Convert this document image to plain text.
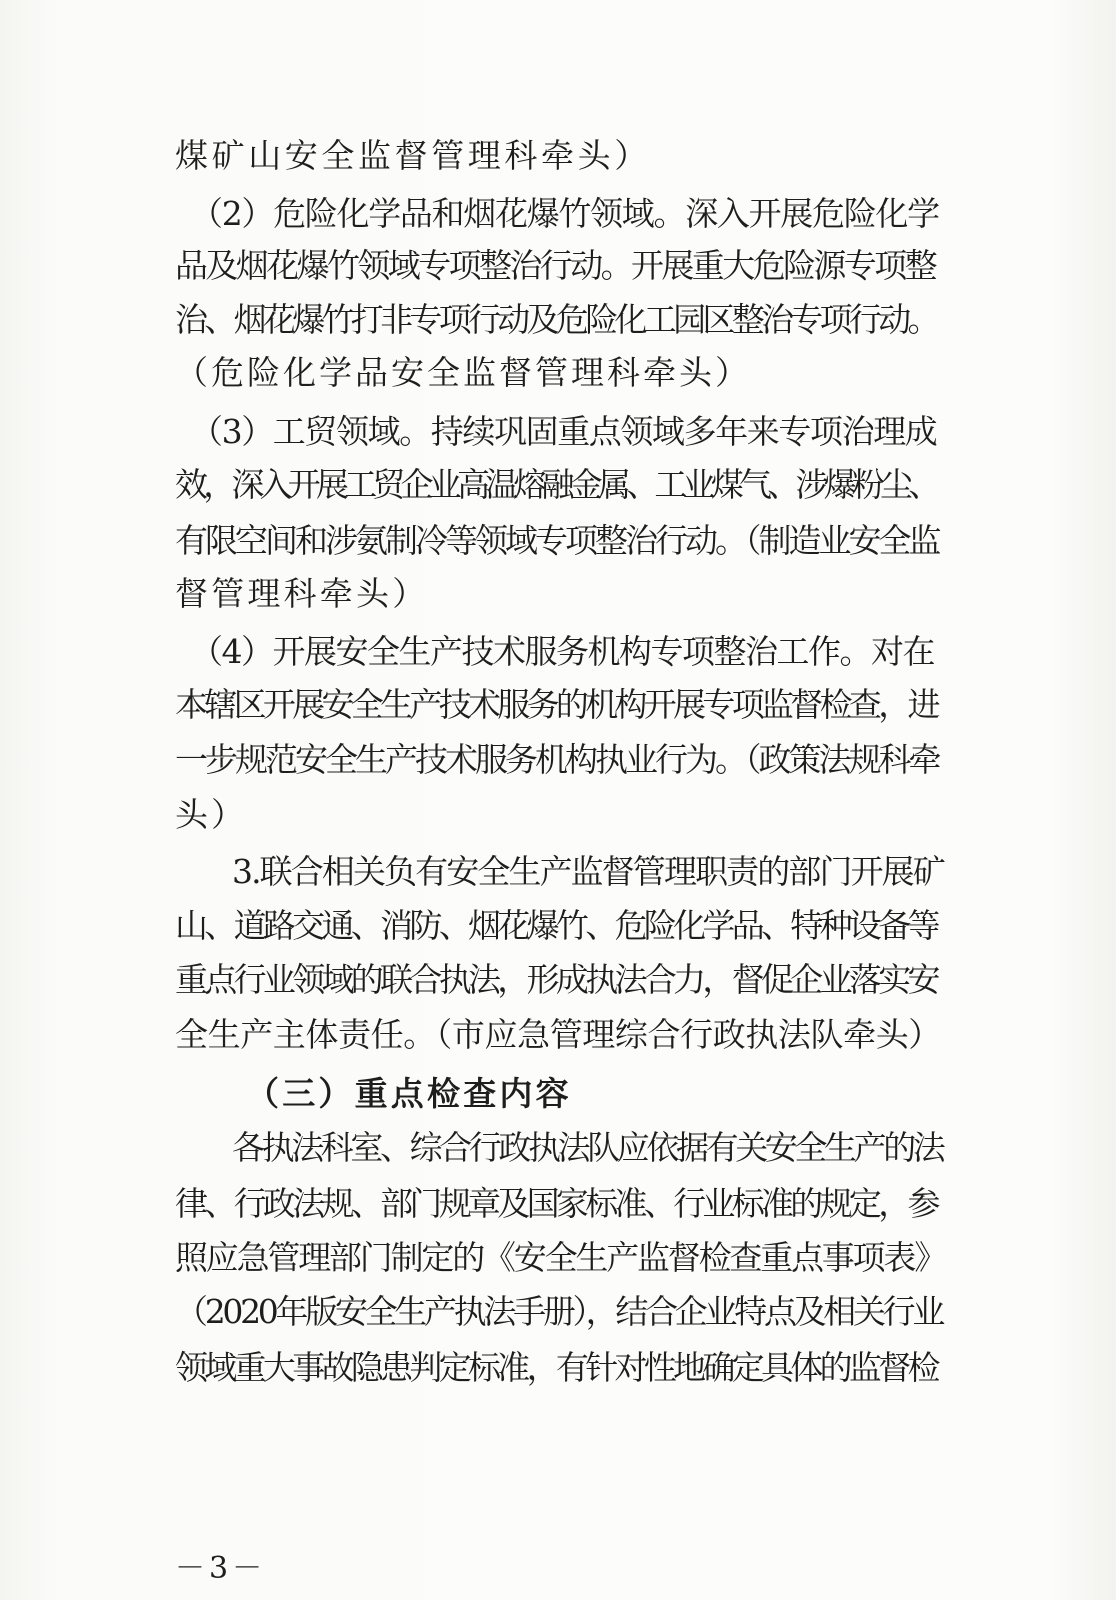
煤矿山安全监督管理科牵头）
（2）危险化学品和烟花爆竹领域。深入开展危险化学
品及烟花爆竹领域专项整治行动。开展重大危险源专项整
治、烟花爆竹打非专项行动及危险化工园区整治专项行动。
（危险化学品安全监督管理科牵头）
（3）工贸领域。持续巩固重点领域多年来专项治理成
效，深入开展工贸企业高温熔融金属、工业煤气、涉爆粉尘、
有限空间和涉氨制冷等领域专项整治行动。（制造业安全监
督管理科牵头）
（4）开展安全生产技术服务机构专项整治工作。对在
本辖区开展安全生产技术服务的机构开展专项监督检查，进
一步规范安全生产技术服务机构执业行为。（政策法规科牵
头）
3.联合相关负有安全生产监督管理职责的部门开展矿
山、道路交通、消防、烟花爆竹、危险化学品、特种设备等
重点行业领域的联合执法，形成执法合力，督促企业落实安
全生产主体责任。（市应急管理综合行政执法队牵头）
（三）重点检查内容
各执法科室、综合行政执法队应依据有关安全生产的法
律、行政法规、部门规章及国家标准、行业标准的规定，参
照应急管理部门制定的《安全生产监督检查重点事项表》
（2020年版安全生产执法手册），结合企业特点及相关行业
领域重大事故隐患判定标准，有针对性地确定具体的监督检
－3－
